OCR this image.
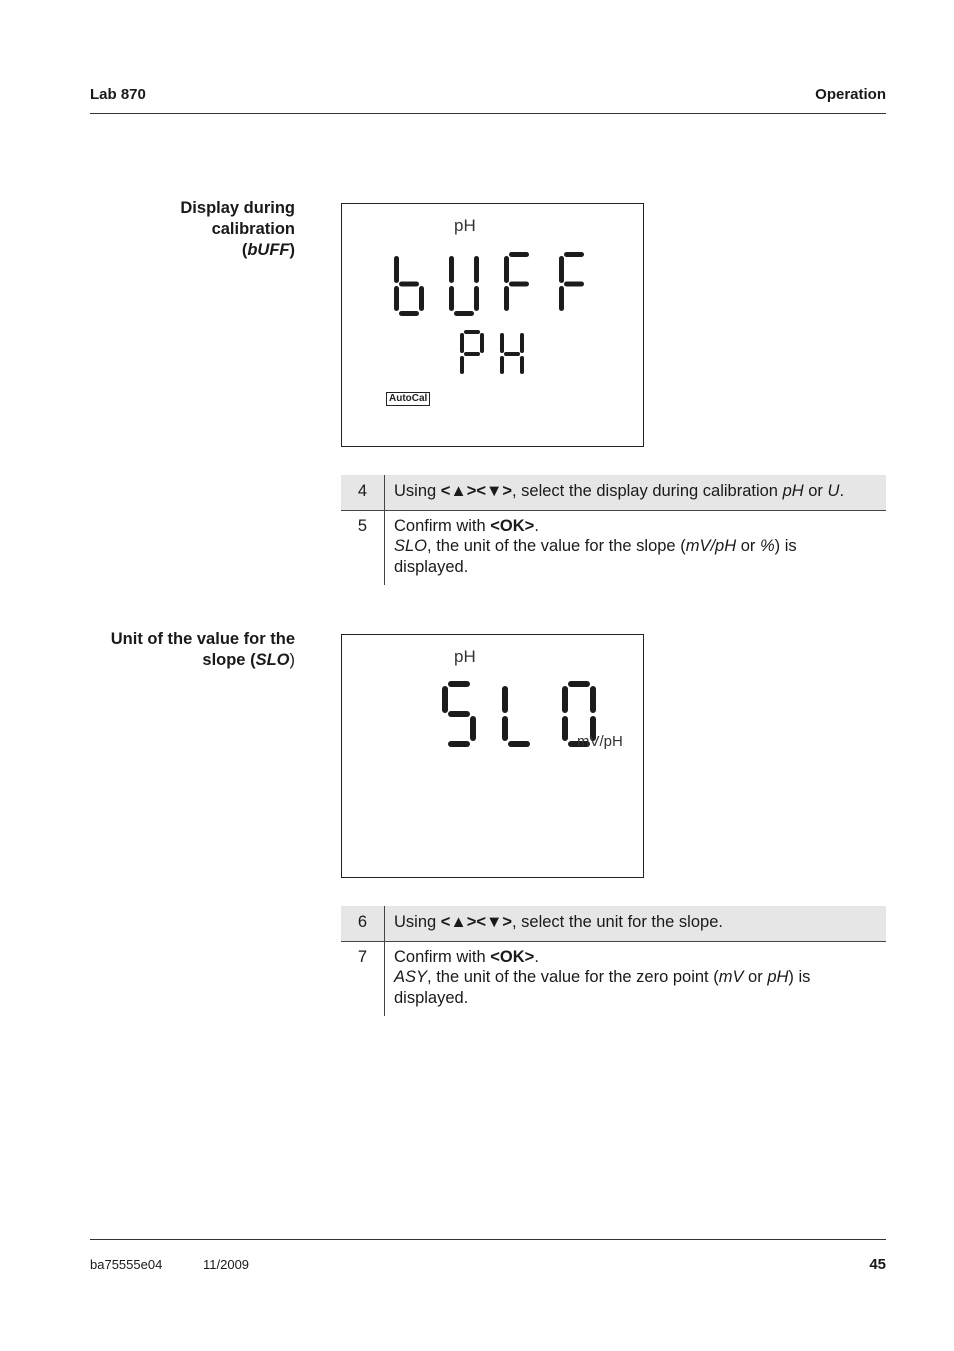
Lab 870	Operation
Display during
calibration
(bUFF)
pH
AutoCal
4	Using <▲><▼>, select the display during calibration pH or U.
5	Confirm with <OK>.
SLO, the unit of the value for the slope (mV/pH or %) is
displayed.
Unit of the value for the
slope (SLO)	pH
mV/pH
6	Using <▲><▼>, select the unit for the slope.
7	Confirm with <OK>.
ASY, the unit of the value for the zero point (mV or pH) is
displayed.
ba75555e04	11/2009	45
